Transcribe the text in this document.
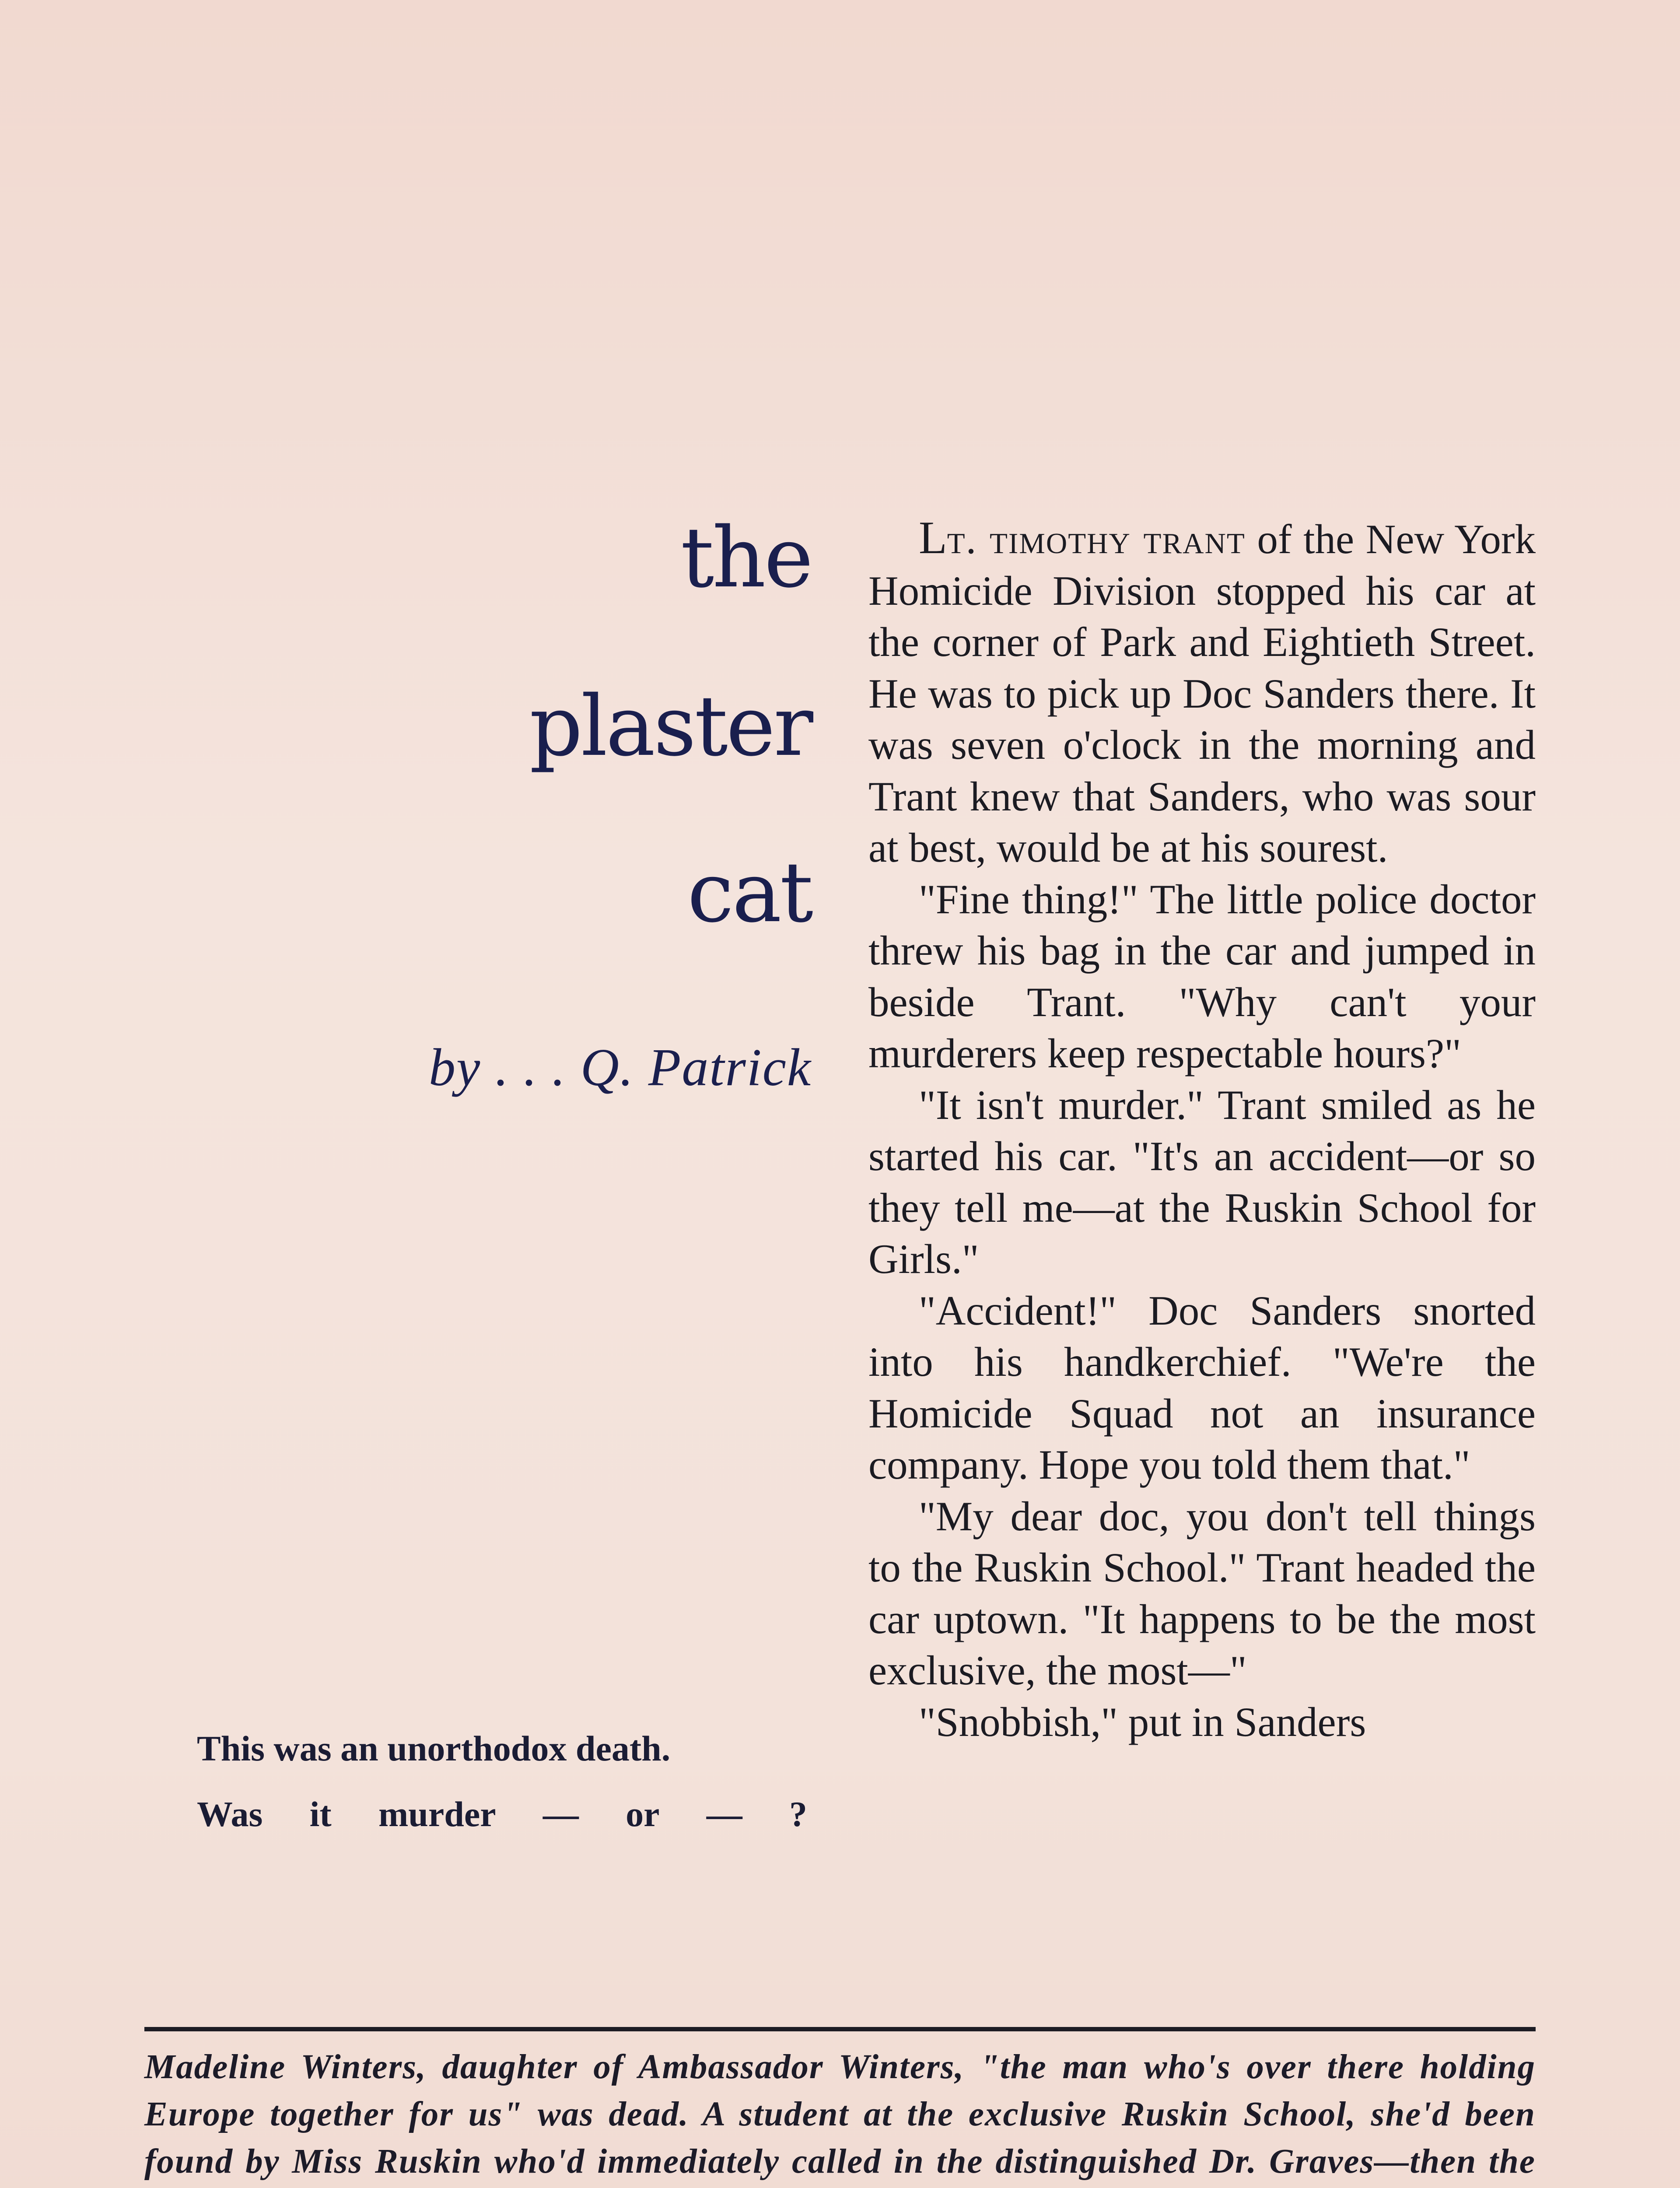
the
plaster
cat
by . . . Q. Patrick
This was an unorthodox death.
Was it murder — or — ?

Lt. timothy trant of the New York Homicide Division stopped his car at the corner of Park and Eightieth Street. He was to pick up Doc Sanders there. It was seven o'clock in the morning and Trant knew that Sanders, who was sour at best, would be at his sourest.

"Fine thing!" The little police doctor threw his bag in the car and jumped in beside Trant. "Why can't your murderers keep respectable hours?"

"It isn't murder." Trant smiled as he started his car. "It's an accident—or so they tell me—at the Ruskin School for Girls."

"Accident!" Doc Sanders snorted into his handkerchief. "We're the Homicide Squad not an insurance company. Hope you told them that."

"My dear doc, you don't tell things to the Ruskin School." Trant headed the car uptown. "It happens to be the most exclusive, the most—"

"Snobbish," put in Sanders

Madeline Winters, daughter of Ambassador Winters, "the man who's over there holding Europe together for us" was dead. A student at the exclusive Ruskin School, she'd been found by Miss Ruskin who'd immediately called in the distinguished Dr. Graves—then the
